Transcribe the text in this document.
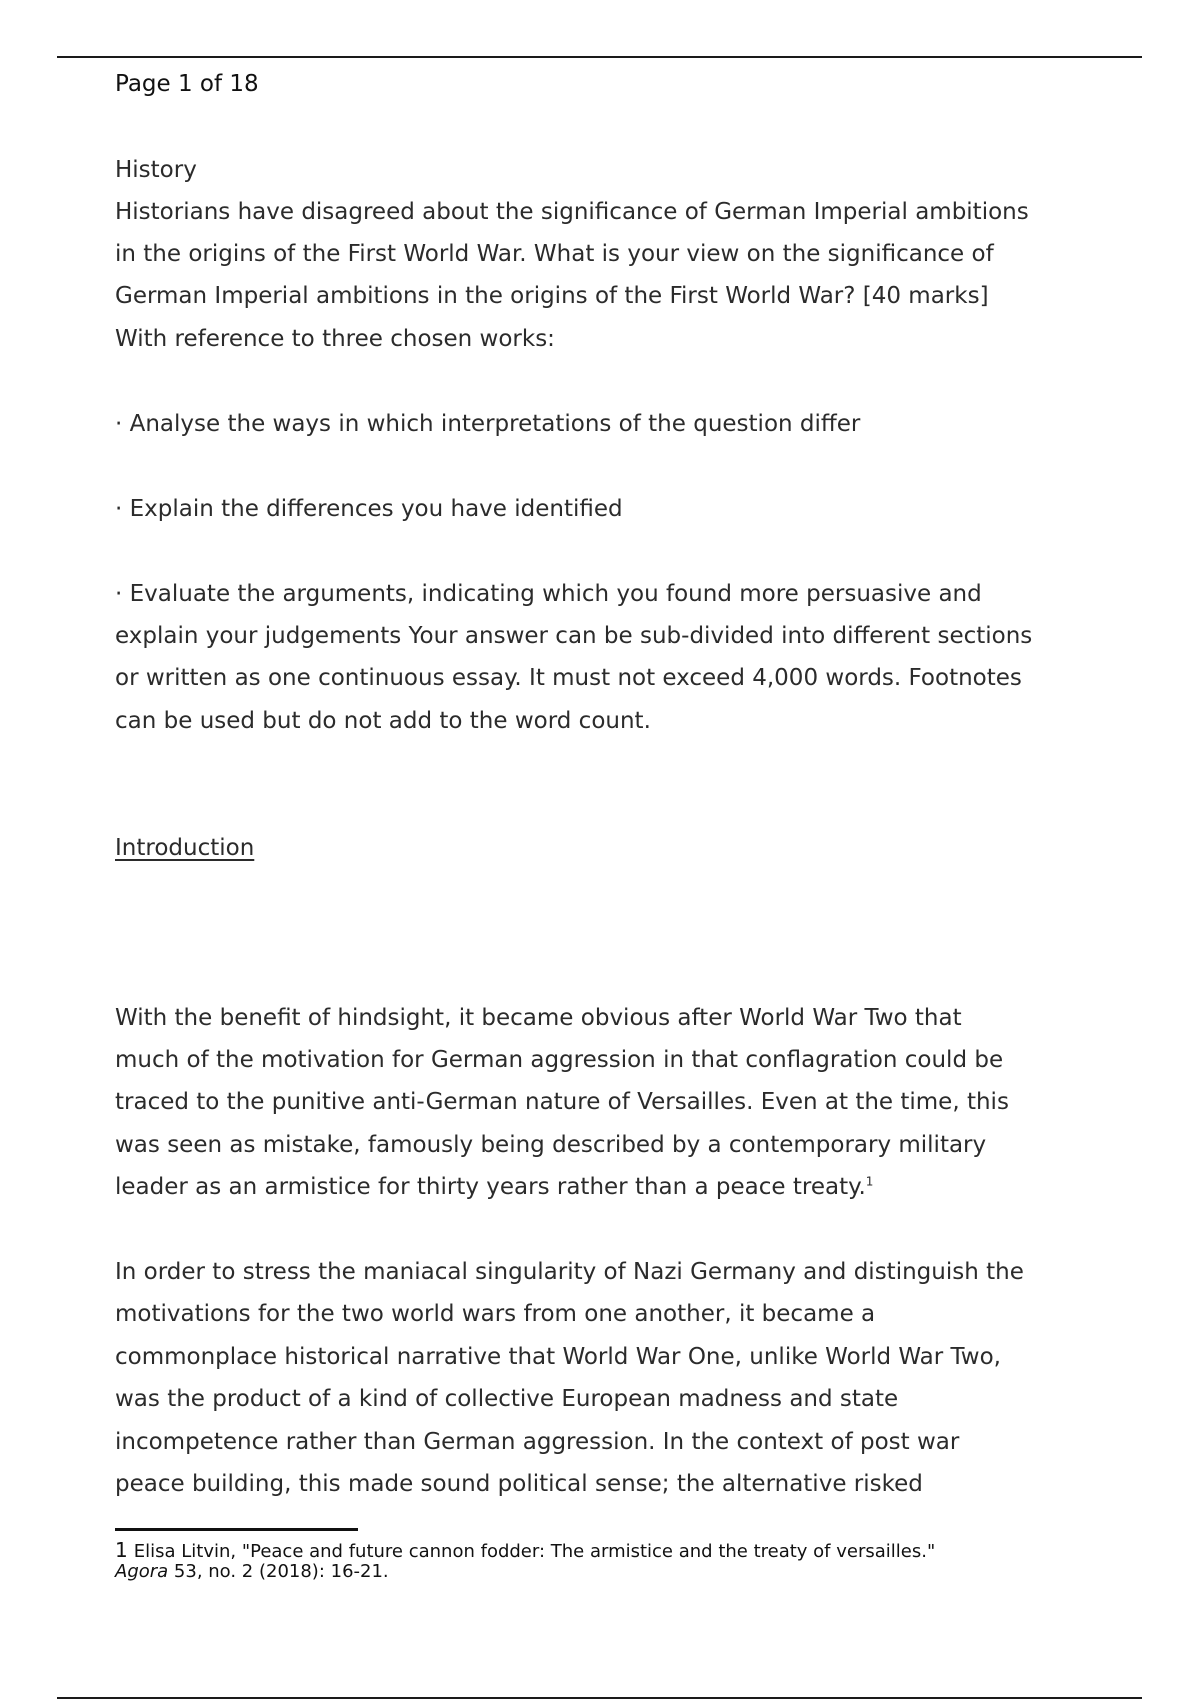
Page 1 of 18
History
Historians have disagreed about the significance of German Imperial ambitions
in the origins of the First World War. What is your view on the significance of
German Imperial ambitions in the origins of the First World War? [40 marks]
With reference to three chosen works:
· Analyse the ways in which interpretations of the question differ
· Explain the differences you have identified
· Evaluate the arguments, indicating which you found more persuasive and
explain your judgements Your answer can be sub-divided into different sections
or written as one continuous essay. It must not exceed 4,000 words. Footnotes
can be used but do not add to the word count.
Introduction
With the benefit of hindsight, it became obvious after World War Two that
much of the motivation for German aggression in that conflagration could be
traced to the punitive anti-German nature of Versailles. Even at the time, this
was seen as mistake, famously being described by a contemporary military
leader as an armistice for thirty years rather than a peace treaty.$^1$
In order to stress the maniacal singularity of Nazi Germany and distinguish the
motivations for the two world wars from one another, it became a
commonplace historical narrative that World War One, unlike World War Two,
was the product of a kind of collective European madness and state
incompetence rather than German aggression. In the context of post war
peace building, this made sound political sense; the alternative risked
1 Elisa Litvin, "Peace and future cannon fodder: The armistice and the treaty of versailles."
Agora 53, no. 2 (2018): 16-21.
